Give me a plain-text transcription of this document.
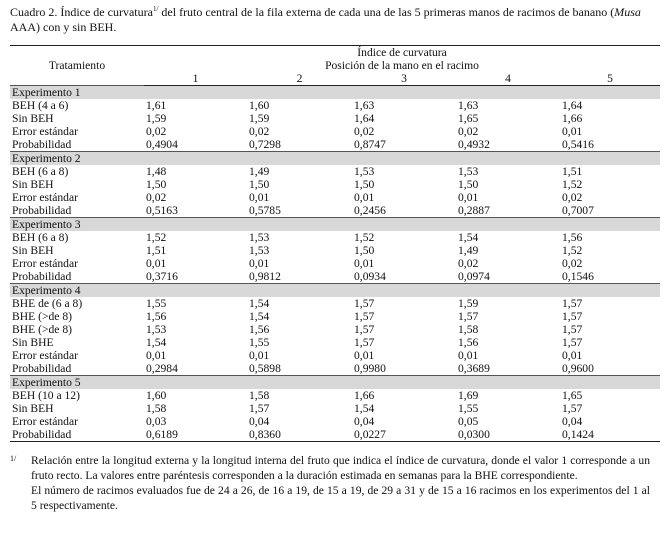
Cuadro 2. Índice de curvatura$^{1/}$ del fruto central de la fila externa de cada una de las 5 primeras manos de racimos de banano (Musa AAA) con y sin BEH.
Tratamiento	Índice de curvatura				
	Posición de la mano en el racimo				
	1	2	3	4	5
Experimento 1					
BEH (4 a 6)	1,61	1,60	1,63	1,63	1,64
Sin BEH	1,59	1,59	1,64	1,65	1,66
Error estándar	0,02	0,02	0,02	0,02	0,01
Probabilidad	0,4904	0,7298	0,8747	0,4932	0,5416
Experimento 2					
BEH (6 a 8)	1,48	1,49	1,53	1,53	1,51
Sin BEH	1,50	1,50	1,50	1,50	1,52
Error estándar	0,02	0,01	0,01	0,01	0,02
Probabilidad	0,5163	0,5785	0,2456	0,2887	0,7007
Experimento 3					
BEH (6 a 8)	1,52	1,53	1,52	1,54	1,56
Sin BEH	1,51	1,53	1,50	1,49	1,52
Error estándar	0,01	0,01	0,01	0,02	0,02
Probabilidad	0,3716	0,9812	0,0934	0,0974	0,1546
Experimento 4					
BHE de (6 a 8)	1,55	1,54	1,57	1,59	1,57
BHE (>de 8)	1,56	1,54	1,57	1,57	1,57
BHE (>de 8)	1,53	1,56	1,57	1,58	1,57
Sin BHE	1,54	1,55	1,57	1,56	1,57
Error estándar	0,01	0,01	0,01	0,01	0,01
Probabilidad	0,2984	0,5898	0,9980	0,3689	0,9600
Experimento 5					
BEH (10 a 12)	1,60	1,58	1,66	1,69	1,65
Sin BEH	1,58	1,57	1,54	1,55	1,57
Error estándar	0,03	0,04	0,04	0,05	0,04
Probabilidad	0,6189	0,8360	0,0227	0,0300	0,1424
1/ Relación entre la longitud externa y la longitud interna del fruto que indica el índice de curvatura, donde el valor 1 corresponde a un fruto recto. La valores entre paréntesis corresponden a la duración estimada en semanas para la BHE correspondiente.

El número de racimos evaluados fue de 24 a 26, de 16 a 19, de 15 a 19, de 29 a 31 y de 15 a 16 racimos en los experimentos del 1 al 5 respectivamente.
